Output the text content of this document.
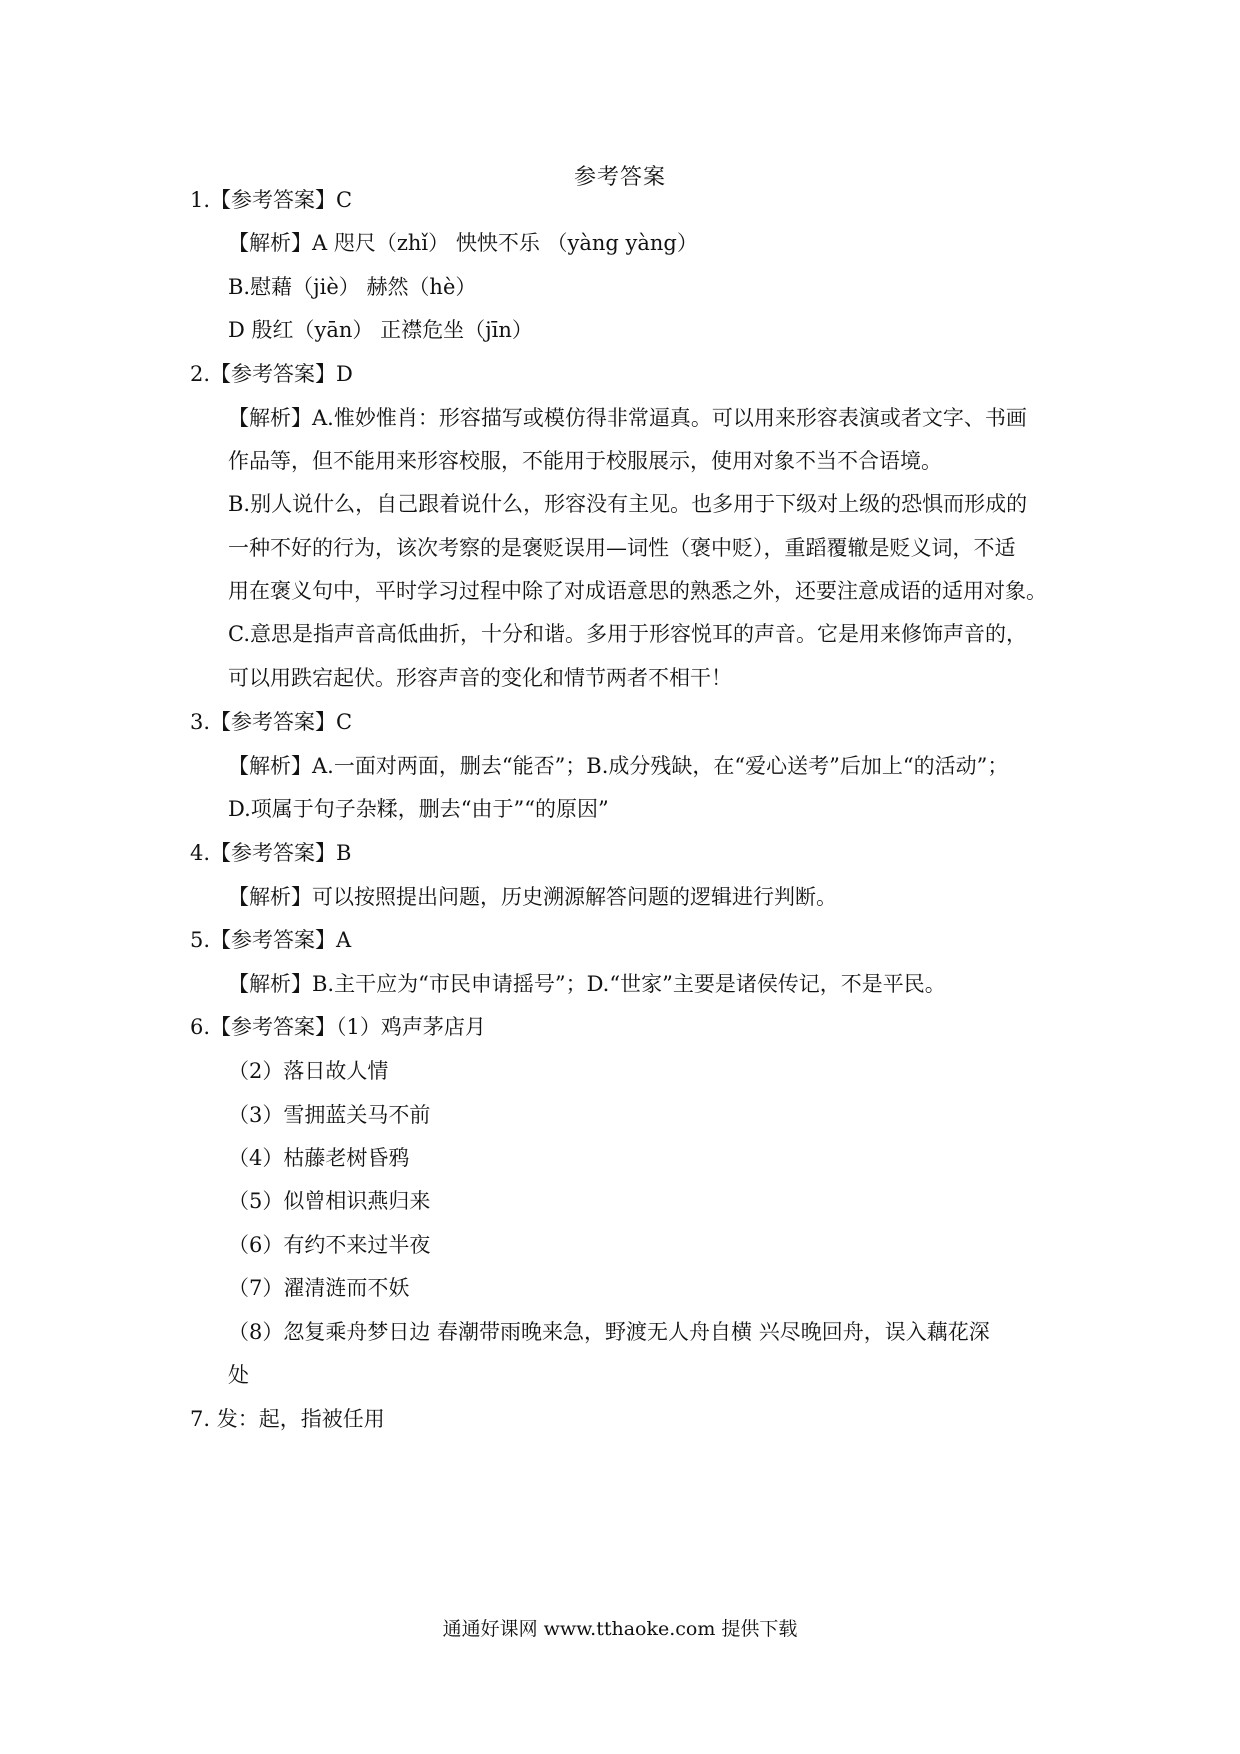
参考答案
1.【参考答案】C
【解析】A 咫尺（zhǐ） 怏怏不乐 （yàng yàng）
B.慰藉（jiè） 赫然（hè）
D 殷红（yān） 正襟危坐（jīn）
2.【参考答案】D
【解析】A.惟妙惟肖：形容描写或模仿得非常逼真。可以用来形容表演或者文字、书画
作品等，但不能用来形容校服，不能用于校服展示，使用对象不当不合语境。
B.别人说什么，自己跟着说什么，形容没有主见。也多用于下级对上级的恐惧而形成的
一种不好的行为，该次考察的是褒贬误用—词性（褒中贬），重蹈覆辙是贬义词，不适
用在褒义句中，平时学习过程中除了对成语意思的熟悉之外，还要注意成语的适用对象。
C.意思是指声音高低曲折，十分和谐。多用于形容悦耳的声音。它是用来修饰声音的，
可以用跌宕起伏。形容声音的变化和情节两者不相干！
3.【参考答案】C
【解析】A.一面对两面，删去“能否”；B.成分残缺，在“爱心送考”后加上“的活动”；
D.项属于句子杂糅，删去“由于”“的原因”
4.【参考答案】B
【解析】可以按照提出问题，历史溯源解答问题的逻辑进行判断。
5.【参考答案】A
【解析】B.主干应为“市民申请摇号”；D.“世家”主要是诸侯传记，不是平民。
6.【参考答案】（1）鸡声茅店月
（2）落日故人情
（3）雪拥蓝关马不前
（4）枯藤老树昏鸦
（5）似曾相识燕归来
（6）有约不来过半夜
（7）濯清涟而不妖
（8）忽复乘舟梦日边 春潮带雨晚来急，野渡无人舟自横 兴尽晚回舟，误入藕花深
处
7. 发：起，指被任用
通通好课网 www.tthaoke.com 提供下载
